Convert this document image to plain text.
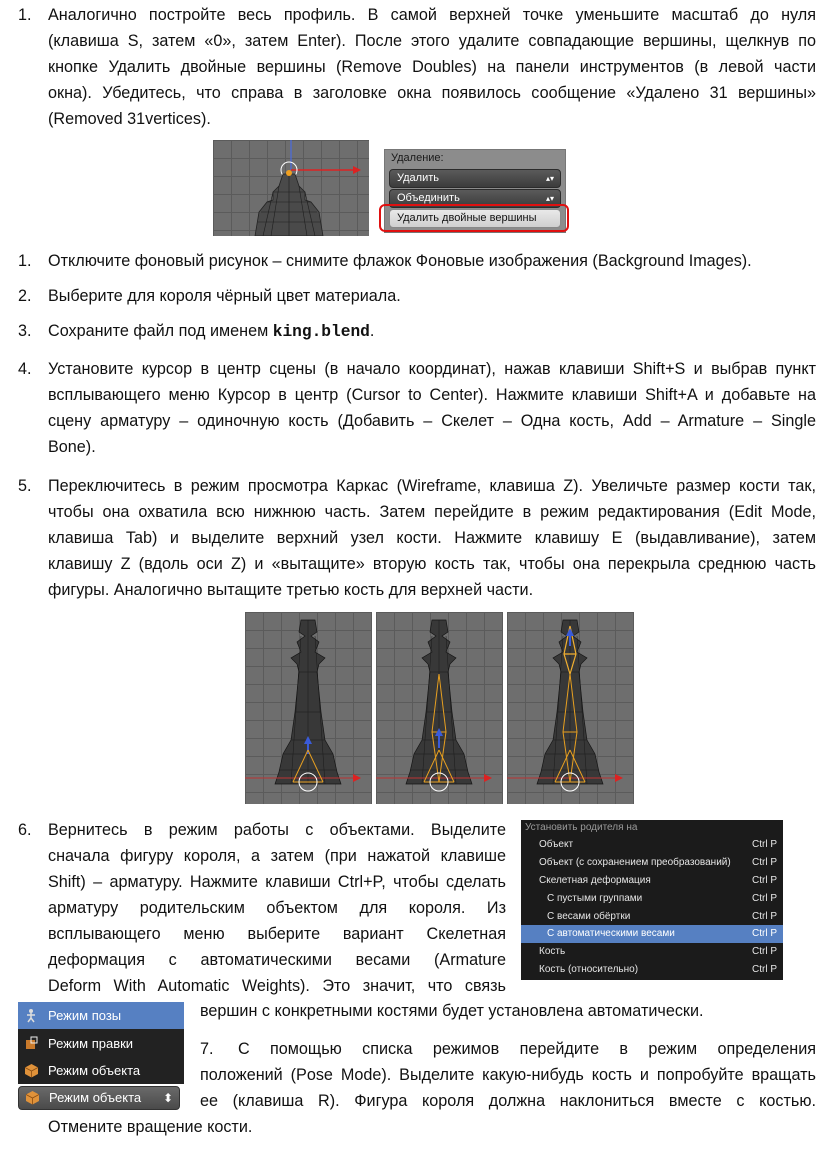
1. Аналогично постройте весь профиль. В самой верхней точке уменьшите масштаб до нуля
(клавиша S, затем «0», затем Enter). После этого удалите совпадающие вершины, щелкнув по
кнопке Удалить двойные вершины (Remove Doubles) на панели инструментов (в левой части
окна). Убедитесь, что справа в заголовке окна появилось сообщение «Удалено 31 вершины»
(Removed 31vertices).
Удаление:
Удалить	▴▾
Объединить	▴▾
Удалить двойные вершины
1. Отключите фоновый рисунок – снимите флажок Фоновые изображения (Background Images).
2. Выберите для короля чёрный цвет материала.
3. Сохраните файл под именем king.blend.
4. Установите курсор в центр сцены (в начало координат), нажав клавиши Shift+S и выбрав пункт
всплывающего меню Курсор в центр (Cursor to Center). Нажмите клавиши Shift+A и добавьте на
сцену арматуру – одиночную кость (Добавить – Скелет – Одна кость, Add – Armature – Single
Bone).
5. Переключитесь в режим просмотра Каркас (Wireframe, клавиша Z). Увеличьте размер кости так,
чтобы она охватила всю нижнюю часть. Затем перейдите в режим редактирования (Edit Mode,
клавиша Tab) и выделите верхний узел кости. Нажмите клавишу E (выдавливание), затем
клавишу Z (вдоль оси Z) и «вытащите» вторую кость так, чтобы она перекрыла среднюю часть
фигуры. Аналогично вытащите третью кость для верхней части.
6. Вернитесь в режим работы с объектами. Выделите
сначала фигуру короля, а затем (при нажатой клавише
Shift) – арматуру. Нажмите клавиши Ctrl+P, чтобы сделать
арматуру родительским объектом для короля. Из
всплывающего меню выберите вариант Скелетная
деформация с автоматическими весами (Armature
Deform With Automatic Weights). Это значит, что связь
вершин с конкретными костями будет установлена автоматически.
Установить родителя на
Объект	Ctrl P
Объект (с сохранением преобразований) Ctrl P
Скелетная деформация	Ctrl P
С пустыми группами	Ctrl P
С весами обёртки	Ctrl P
С автоматическими весами	Ctrl P
Кость	Ctrl P
Кость (относительно)	Ctrl P
Режим позы
Режим правки
Режим объекта
Режим объекта ⬍
7. С помощью списка режимов перейдите в режим определения
положений (Pose Mode). Выделите какую-нибудь кость и попробуйте вращать
ее (клавиша R). Фигура короля должна наклониться вместе с костью.
Отмените вращение кости.
